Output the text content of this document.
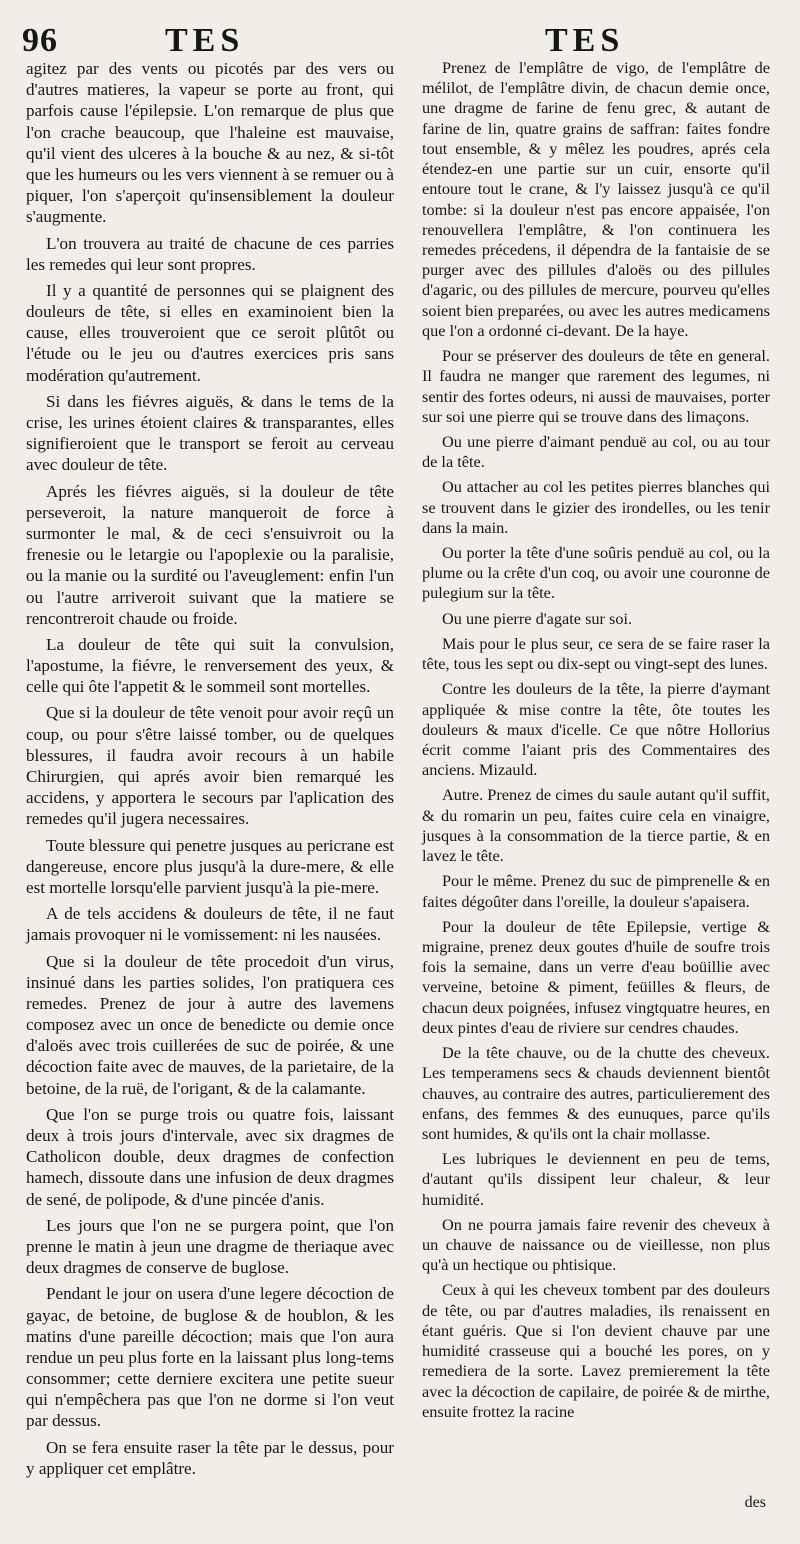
96	TES	TES

agitez par des vents ou picotés par des vers ou d'autres matieres, la vapeur se porte au front, qui parfois cause l'épilepsie. L'on remarque de plus que l'on crache beaucoup, que l'haleine est mauvaise, qu'il vient des ulceres à la bouche & au nez, & si-tôt que les humeurs ou les vers viennent à se remuer ou à piquer, l'on s'aperçoit qu'insensiblement la douleur s'augmente.

L'on trouvera au traité de chacune de ces parries les remedes qui leur sont propres.

Il y a quantité de personnes qui se plaignent des douleurs de tête, si elles en examinoient bien la cause, elles trouveroient que ce seroit plûtôt ou l'étude ou le jeu ou d'autres exercices pris sans modération qu'autrement.

Si dans les fiévres aiguës, & dans le tems de la crise, les urines étoient claires & transparantes, elles signifieroient que le transport se feroit au cerveau avec douleur de tête.

Aprés les fiévres aiguës, si la douleur de tête perseveroit, la nature manqueroit de force à surmonter le mal, & de ceci s'ensuivroit ou la frenesie ou le letargie ou l'apoplexie ou la paralisie, ou la manie ou la surdité ou l'aveuglement: enfin l'un ou l'autre arriveroit suivant que la matiere se rencontreroit chaude ou froide.

La douleur de tête qui suit la convulsion, l'apostume, la fiévre, le renversement des yeux, & celle qui ôte l'appetit & le sommeil sont mortelles.

Que si la douleur de tête venoit pour avoir reçû un coup, ou pour s'être laissé tomber, ou de quelques blessures, il faudra avoir recours à un habile Chirurgien, qui aprés avoir bien remarqué les accidens, y apportera le secours par l'aplication des remedes qu'il jugera necessaires.

Toute blessure qui penetre jusques au pericrane est dangereuse, encore plus jusqu'à la dure-mere, & elle est mortelle lorsqu'elle parvient jusqu'à la pie-mere.

A de tels accidens & douleurs de tête, il ne faut jamais provoquer ni le vomissement: ni les nausées.

Que si la douleur de tête procedoit d'un virus, insinué dans les parties solides, l'on pratiquera ces remedes. Prenez de jour à autre des lavemens composez avec un once de benedicte ou demie once d'aloës avec trois cuillerées de suc de poirée, & une décoction faite avec de mauves, de la parietaire, de la betoine, de la ruë, de l'origant, & de la calamante.

Que l'on se purge trois ou quatre fois, laissant deux à trois jours d'intervale, avec six dragmes de Catholicon double, deux dragmes de confection hamech, dissoute dans une infusion de deux dragmes de sené, de polipode, & d'une pincée d'anis.

Les jours que l'on ne se purgera point, que l'on prenne le matin à jeun une dragme de theriaque avec deux dragmes de conserve de buglose.

Pendant le jour on usera d'une legere décoction de gayac, de betoine, de buglose & de houblon, & les matins d'une pareille décoction; mais que l'on aura rendue un peu plus forte en la laissant plus long-tems consommer; cette derniere excitera une petite sueur qui n'empêchera pas que l'on ne dorme si l'on veut par dessus.

On se fera ensuite raser la tête par le dessus, pour y appliquer cet emplâtre.

Prenez de l'emplâtre de vigo, de l'emplâtre de mélilot, de l'emplâtre divin, de chacun demie once, une dragme de farine de fenu grec, & autant de farine de lin, quatre grains de saffran: faites fondre tout ensemble, & y mêlez les poudres, aprés cela étendez-en une partie sur un cuir, ensorte qu'il entoure tout le crane, & l'y laissez jusqu'à ce qu'il tombe: si la douleur n'est pas encore appaisée, l'on renouvellera l'emplâtre, & l'on continuera les remedes précedens, il dépendra de la fantaisie de se purger avec des pillules d'aloës ou des pillules d'agaric, ou des pillules de mercure, pourveu qu'elles soient bien preparées, ou avec les autres medicamens que l'on a ordonné ci-devant. De la haye.

Pour se préserver des douleurs de tête en general. Il faudra ne manger que rarement des legumes, ni sentir des fortes odeurs, ni aussi de mauvaises, porter sur soi une pierre qui se trouve dans des limaçons.

Ou une pierre d'aimant penduë au col, ou au tour de la tête.

Ou attacher au col les petites pierres blanches qui se trouvent dans le gizier des irondelles, ou les tenir dans la main.

Ou porter la tête d'une soûris penduë au col, ou la plume ou la crête d'un coq, ou avoir une couronne de pulegium sur la tête.

Ou une pierre d'agate sur soi.

Mais pour le plus seur, ce sera de se faire raser la tête, tous les sept ou dix-sept ou vingt-sept des lunes.

Contre les douleurs de la tête, la pierre d'aymant appliquée & mise contre la tête, ôte toutes les douleurs & maux d'icelle. Ce que nôtre Hollorius écrit comme l'aiant pris des Commentaires des anciens. Mizauld.

Autre. Prenez de cimes du saule autant qu'il suffit, & du romarin un peu, faites cuire cela en vinaigre, jusques à la consommation de la tierce partie, & en lavez le tête.

Pour le même. Prenez du suc de pimprenelle & en faites dégoûter dans l'oreille, la douleur s'apaisera.

Pour la douleur de tête Epilepsie, vertige & migraine, prenez deux goutes d'huile de soufre trois fois la semaine, dans un verre d'eau boüillie avec verveine, betoine & piment, feüilles & fleurs, de chacun deux poignées, infusez vingtquatre heures, en deux pintes d'eau de riviere sur cendres chaudes.

De la tête chauve, ou de la chutte des cheveux. Les temperamens secs & chauds deviennent bientôt chauves, au contraire des autres, particulierement des enfans, des femmes & des eunuques, parce qu'ils sont humides, & qu'ils ont la chair mollasse.

Les lubriques le deviennent en peu de tems, d'autant qu'ils dissipent leur chaleur, & leur humidité.

On ne pourra jamais faire revenir des cheveux à un chauve de naissance ou de vieillesse, non plus qu'à un hectique ou phtisique.

Ceux à qui les cheveux tombent par des douleurs de tête, ou par d'autres maladies, ils renaissent en étant guéris. Que si l'on devient chauve par une humidité crasseuse qui a bouché les pores, on y remediera de la sorte. Lavez premierement la tête avec la décoction de capilaire, de poirée & de mirthe, ensuite frottez la racine

des
